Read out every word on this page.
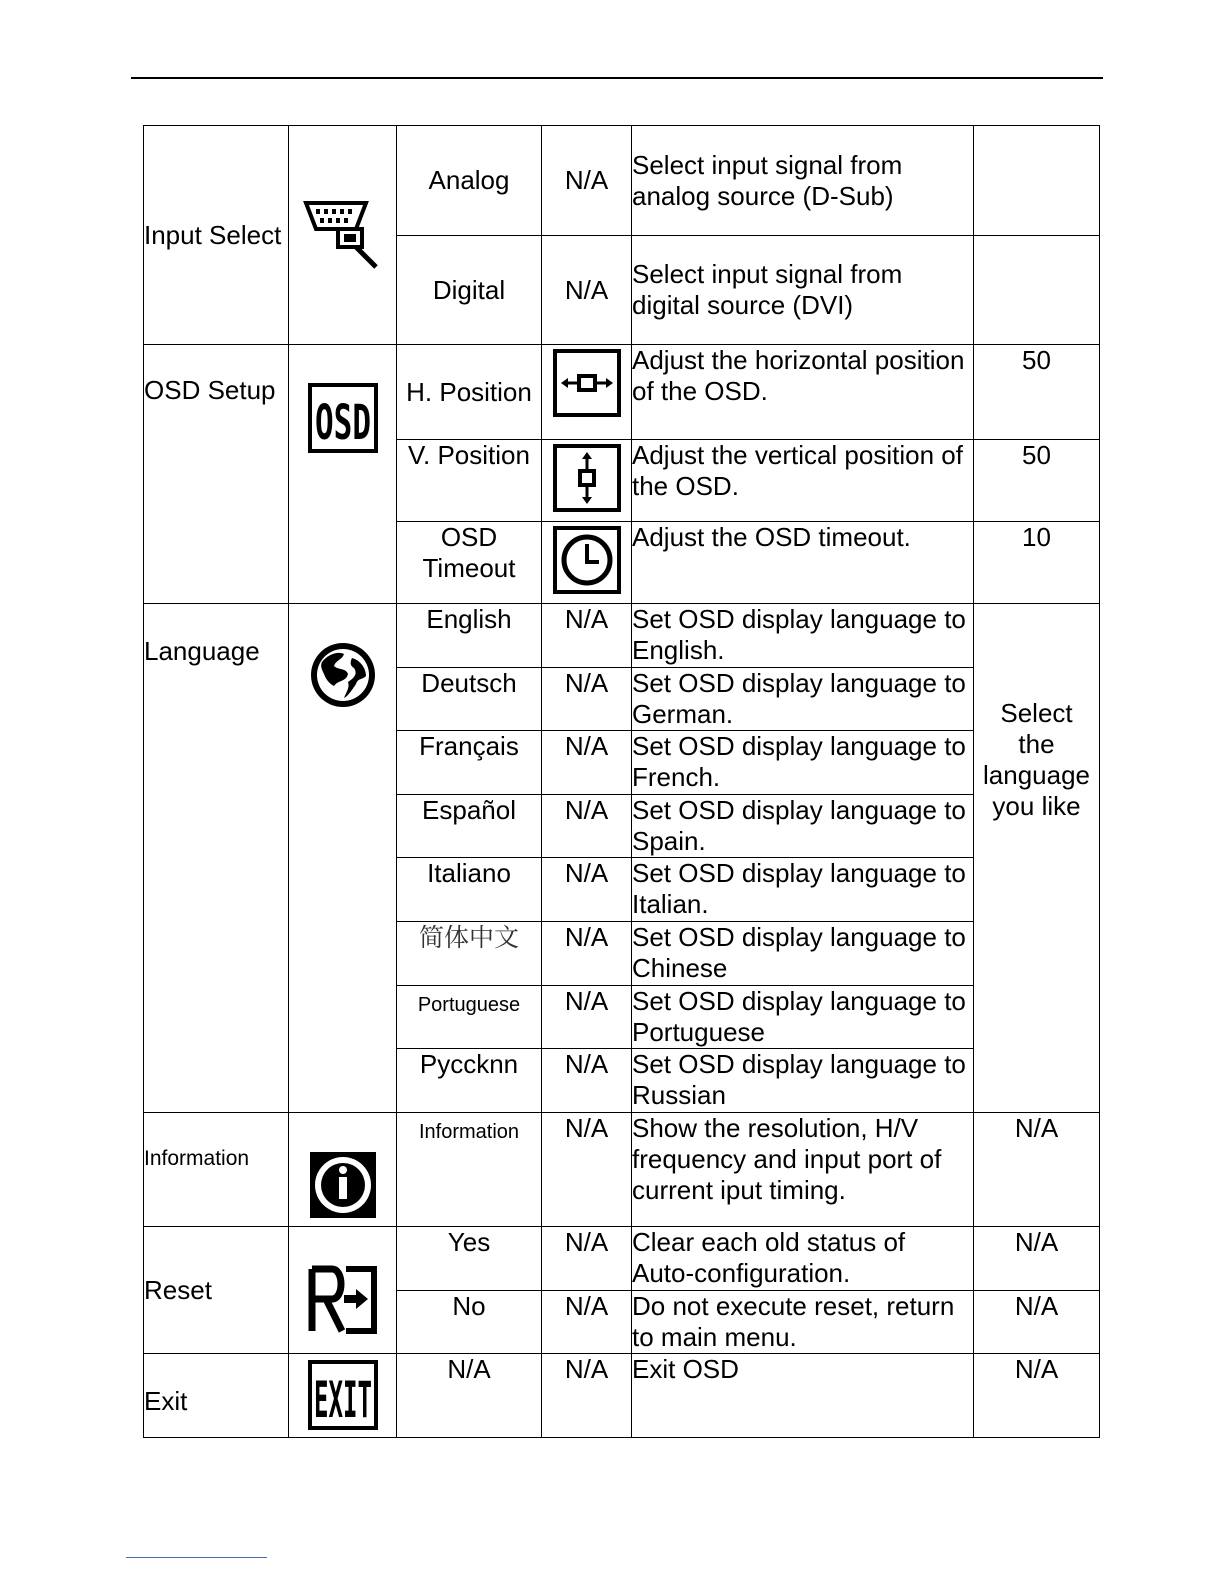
Input Select		Analog	N/A	Select input signal from analog source (D-Sub)	
		Digital	N/A	Select input signal from digital source (DVI)	
OSD Setup	OSD	H. Position		Adjust the horizontal position of the OSD.	50
		V. Position		Adjust the vertical position of the OSD.	50
		OSD Timeout		Adjust the OSD timeout.	10
Language		English	N/A	Set OSD display language to English.	Select the language you like

		Deutsch	N/A	Set OSD display language to German.	
		Français	N/A	Set OSD display language to French.	
		Español	N/A	Set OSD display language to Spain.	
		Italiano	N/A	Set OSD display language to Italian.	
		简体中文	N/A	Set OSD display language to Chinese	
		Portuguese	N/A	Set OSD display language to Portuguese	
		Pyccknn	N/A	Set OSD display language to Russian	
Information		Information	N/A	Show the resolution, H/V frequency and input port of current iput timing.	N/A
Reset		Yes	N/A	Clear each old status of Auto-configuration.	N/A
		No	N/A	Do not execute reset, return to main menu.	N/A
Exit	EXIT	N/A	N/A	Exit OSD	N/A
